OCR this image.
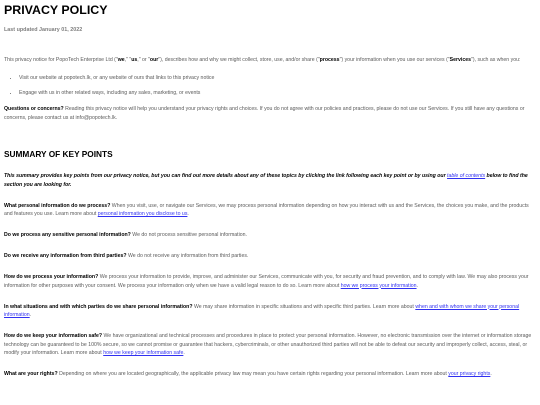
PRIVACY POLICY
Last updated January 01, 2022

This privacy notice for PopoTech Enterprise Ltd ("we," "us," or "our"), describes how and why we might collect, store, use, and/or share ("process") your information when you use our services ("Services"), such as when you:

• Visit our website at popotech.lk, or any website of ours that links to this privacy notice
• Engage with us in other related ways, including any sales, marketing, or events

Questions or concerns? Reading this privacy notice will help you understand your privacy rights and choices. If you do not agree with our policies and practices, please do not use our Services. If you still have any questions or concerns, please contact us at info@popotech.lk.

SUMMARY OF KEY POINTS

This summary provides key points from our privacy notice, but you can find out more details about any of these topics by clicking the link following each key point or by using our table of contents below to find the section you are looking for.

What personal information do we process? When you visit, use, or navigate our Services, we may process personal information depending on how you interact with us and the Services, the choices you make, and the products and features you use. Learn more about personal information you disclose to us.

Do we process any sensitive personal information? We do not process sensitive personal information.

Do we receive any information from third parties? We do not receive any information from third parties.

How do we process your information? We process your information to provide, improve, and administer our Services, communicate with you, for security and fraud prevention, and to comply with law. We may also process your information for other purposes with your consent. We process your information only when we have a valid legal reason to do so. Learn more about how we process your information.

In what situations and with which parties do we share personal information? We may share information in specific situations and with specific third parties. Learn more about when and with whom we share your personal information.

How do we keep your information safe? We have organizational and technical processes and procedures in place to protect your personal information. However, no electronic transmission over the internet or information storage technology can be guaranteed to be 100% secure, so we cannot promise or guarantee that hackers, cybercriminals, or other unauthorized third parties will not be able to defeat our security and improperly collect, access, steal, or modify your information. Learn more about how we keep your information safe.

What are your rights? Depending on where you are located geographically, the applicable privacy law may mean you have certain rights regarding your personal information. Learn more about your privacy rights.
